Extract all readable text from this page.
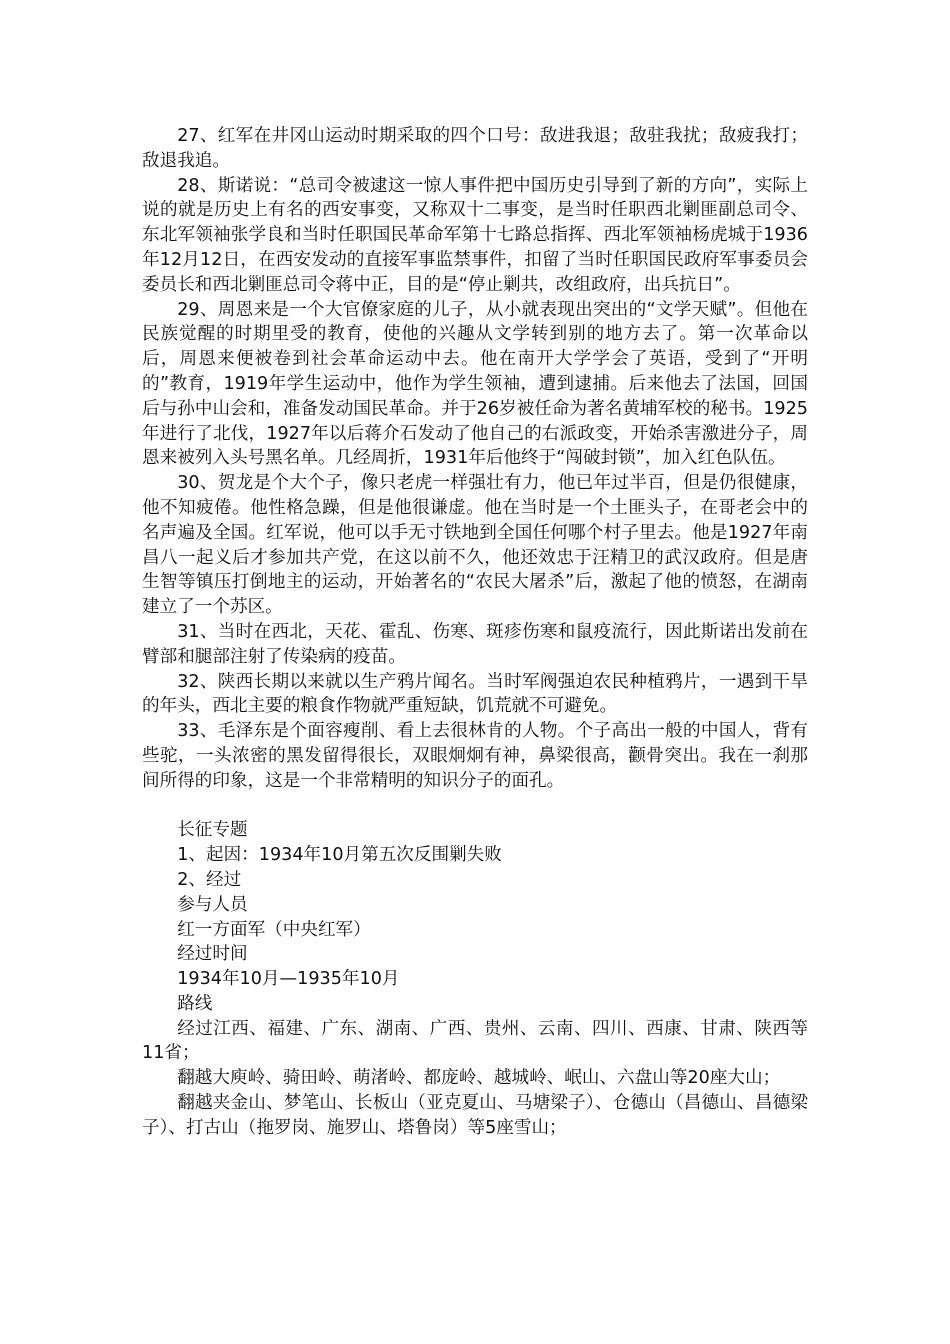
27、红军在井冈山运动时期采取的四个口号：敌进我退；敌驻我扰；敌疲我打；敌退我追。

28、斯诺说：“总司令被逮这一惊人事件把中国历史引导到了新的方向”，实际上说的就是历史上有名的西安事变，又称双十二事变，是当时任职西北剿匪副总司令、东北军领袖张学良和当时任职国民革命军第十七路总指挥、西北军领袖杨虎城于1936年12月12日，在西安发动的直接军事监禁事件，扣留了当时任职国民政府军事委员会委员长和西北剿匪总司令蒋中正，目的是“停止剿共，改组政府，出兵抗日”。

29、周恩来是一个大官僚家庭的儿子，从小就表现出突出的“文学天赋”。但他在民族觉醒的时期里受的教育，使他的兴趣从文学转到别的地方去了。第一次革命以后，周恩来便被卷到社会革命运动中去。他在南开大学学会了英语，受到了“开明的”教育，1919年学生运动中，他作为学生领袖，遭到逮捕。后来他去了法国，回国后与孙中山会和，准备发动国民革命。并于26岁被任命为著名黄埔军校的秘书。1925年进行了北伐，1927年以后蒋介石发动了他自己的右派政变，开始杀害激进分子，周恩来被列入头号黑名单。几经周折，1931年后他终于“闯破封锁”，加入红色队伍。

30、贺龙是个大个子，像只老虎一样强壮有力，他已年过半百，但是仍很健康，他不知疲倦。他性格急躁，但是他很谦虚。他在当时是一个土匪头子，在哥老会中的名声遍及全国。红军说，他可以手无寸铁地到全国任何哪个村子里去。他是1927年南昌八一起义后才参加共产党，在这以前不久，他还效忠于汪精卫的武汉政府。但是唐生智等镇压打倒地主的运动，开始著名的“农民大屠杀”后，激起了他的愤怒，在湖南建立了一个苏区。

31、当时在西北，天花、霍乱、伤寒、斑疹伤寒和鼠疫流行，因此斯诺出发前在臂部和腿部注射了传染病的疫苗。

32、陕西长期以来就以生产鸦片闻名。当时军阀强迫农民种植鸦片，一遇到干旱的年头，西北主要的粮食作物就严重短缺，饥荒就不可避免。

33、毛泽东是个面容瘦削、看上去很林肯的人物。个子高出一般的中国人，背有些驼，一头浓密的黑发留得很长，双眼炯炯有神，鼻梁很高，颧骨突出。我在一刹那间所得的印象，这是一个非常精明的知识分子的面孔。

长征专题

1、起因：1934年10月第五次反围剿失败

2、经过

参与人员

红一方面军（中央红军）

经过时间

1934年10月—1935年10月

路线

经过江西、福建、广东、湖南、广西、贵州、云南、四川、西康、甘肃、陕西等11省；

翻越大庾岭、骑田岭、萌渚岭、都庞岭、越城岭、岷山、六盘山等20座大山；

翻越夹金山、梦笔山、长板山（亚克夏山、马塘梁子）、仓德山（昌德山、昌德梁子）、打古山（拖罗岗、施罗山、塔鲁岗）等5座雪山；
